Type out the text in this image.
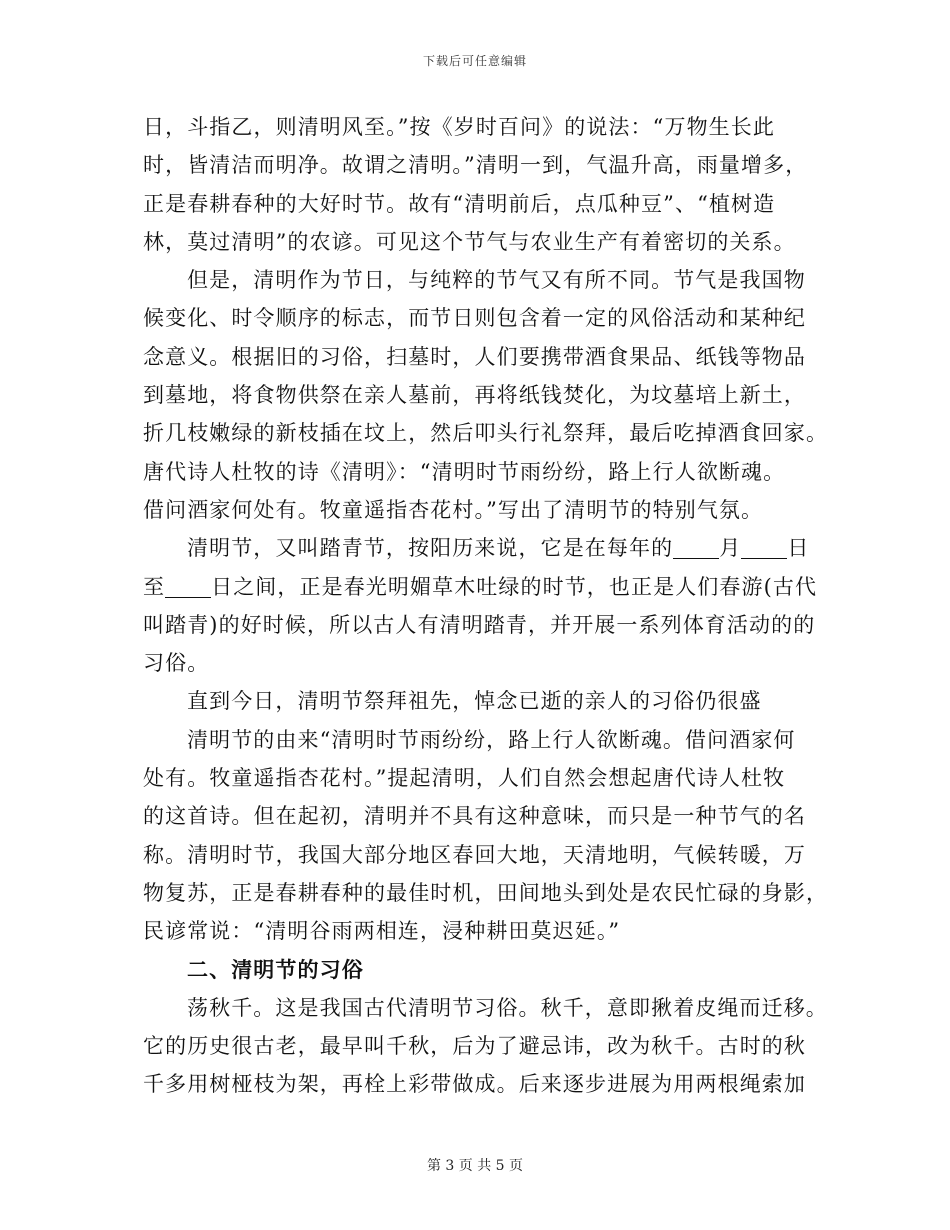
下载后可任意编辑
日，斗指乙，则清明风至。”按《岁时百问》的说法：“万物生长此
时，皆清洁而明净。故谓之清明。”清明一到，气温升高，雨量增多，
正是春耕春种的大好时节。故有“清明前后，点瓜种豆”、“植树造
林，莫过清明”的农谚。可见这个节气与农业生产有着密切的关系。
但是，清明作为节日，与纯粹的节气又有所不同。节气是我国物
候变化、时令顺序的标志，而节日则包含着一定的风俗活动和某种纪
念意义。根据旧的习俗，扫墓时，人们要携带酒食果品、纸钱等物品
到墓地，将食物供祭在亲人墓前，再将纸钱焚化，为坟墓培上新土，
折几枝嫩绿的新枝插在坟上，然后叩头行礼祭拜，最后吃掉酒食回家。
唐代诗人杜牧的诗《清明》：“清明时节雨纷纷，路上行人欲断魂。
借问酒家何处有。牧童遥指杏花村。”写出了清明节的特别气氛。
清明节，又叫踏青节，按阳历来说，它是在每年的 月 日
至 日之间，正是春光明媚草木吐绿的时节，也正是人们春游(古代
叫踏青)的好时候，所以古人有清明踏青，并开展一系列体育活动的的
习俗。
直到今日，清明节祭拜祖先，悼念已逝的亲人的习俗仍很盛
清明节的由来“清明时节雨纷纷，路上行人欲断魂。借问酒家何
处有。牧童遥指杏花村。”提起清明，人们自然会想起唐代诗人杜牧
的这首诗。但在起初，清明并不具有这种意味，而只是一种节气的名
称。清明时节，我国大部分地区春回大地，天清地明，气候转暖，万
物复苏，正是春耕春种的最佳时机，田间地头到处是农民忙碌的身影，
民谚常说：“清明谷雨两相连，浸种耕田莫迟延。”
二、清明节的习俗
荡秋千。这是我国古代清明节习俗。秋千，意即揪着皮绳而迁移。
它的历史很古老，最早叫千秋，后为了避忌讳，改为秋千。古时的秋
千多用树桠枝为架，再栓上彩带做成。后来逐步进展为用两根绳索加
第 3 页 共 5 页
